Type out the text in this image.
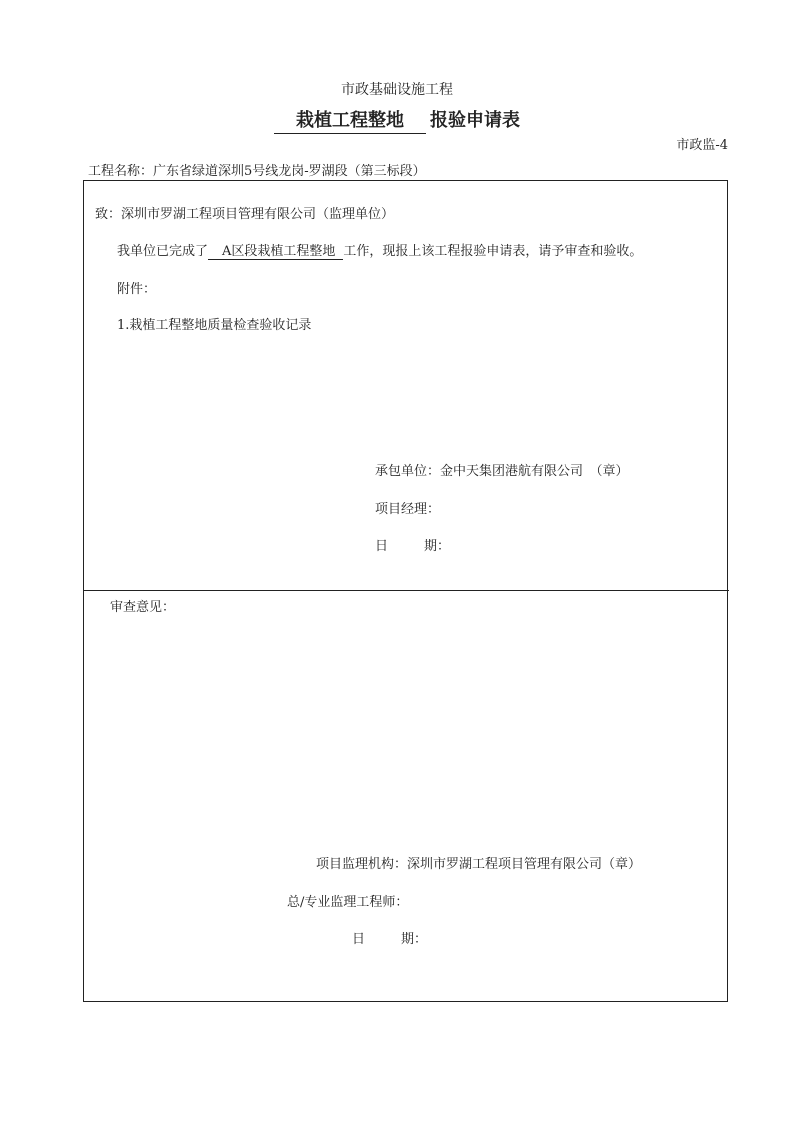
市政基础设施工程
栽植工程整地 报验申请表
市政监-4
工程名称：广东省绿道深圳5号线龙岗-罗湖段（第三标段）
致：深圳市罗湖工程项目管理有限公司（监理单位）
我单位已完成了 A区段栽植工程整地 工作，现报上该工程报验申请表，请予审查和验收。
附件：
1.栽植工程整地质量检查验收记录
承包单位：金中天集团港航有限公司　（章）
项目经理：
日	期：
审查意见：
项目监理机构：深圳市罗湖工程项目管理有限公司（章）
总/专业监理工程师：
日	期：
